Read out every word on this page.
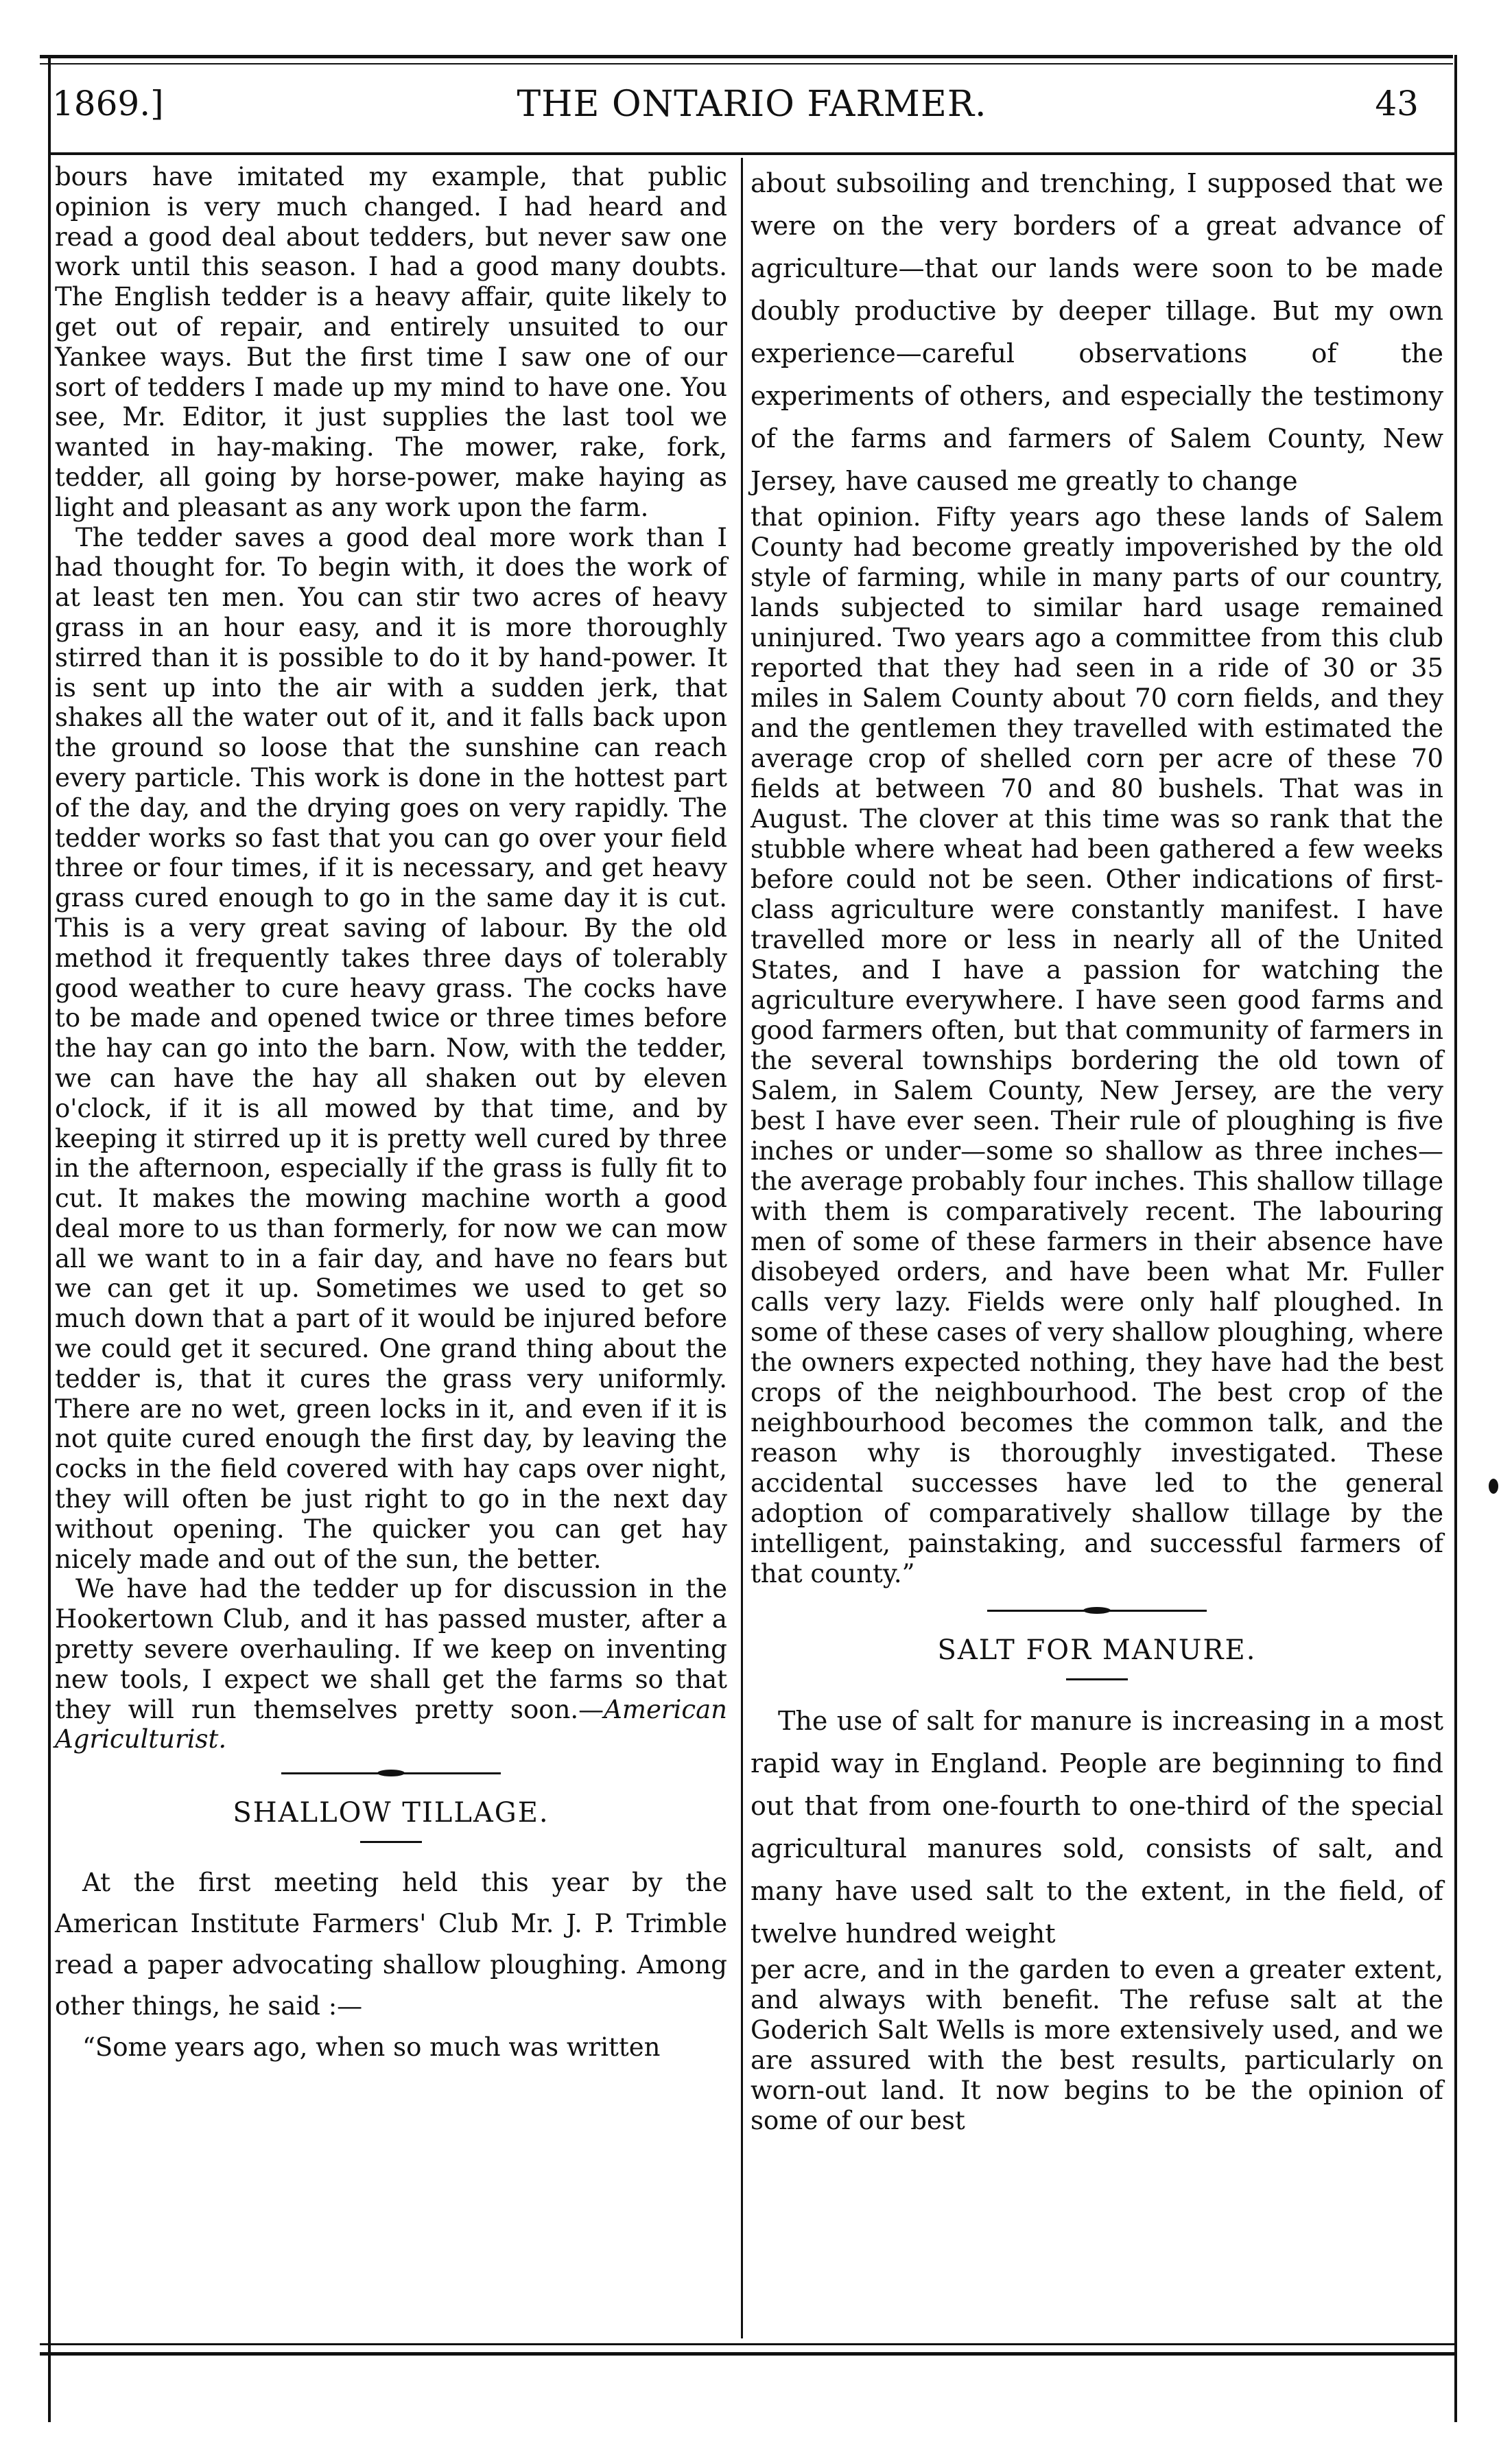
1869.]	THE ONTARIO FARMER.	43

bours have imitated my example, that public opinion is very much changed. I had heard and read a good deal about tedders, but never saw one work until this season. I had a good many doubts. The English tedder is a heavy affair, quite likely to get out of repair, and entirely unsuited to our Yankee ways. But the first time I saw one of our sort of tedders I made up my mind to have one. You see, Mr. Editor, it just supplies the last tool we wanted in hay-making. The mower, rake, fork, tedder, all going by horse-power, make haying as light and pleasant as any work upon the farm.

The tedder saves a good deal more work than I had thought for. To begin with, it does the work of at least ten men. You can stir two acres of heavy grass in an hour easy, and it is more thoroughly stirred than it is possible to do it by hand-power. It is sent up into the air with a sudden jerk, that shakes all the water out of it, and it falls back upon the ground so loose that the sunshine can reach every particle. This work is done in the hottest part of the day, and the drying goes on very rapidly. The tedder works so fast that you can go over your field three or four times, if it is necessary, and get heavy grass cured enough to go in the same day it is cut. This is a very great saving of labour. By the old method it frequently takes three days of tolerably good weather to cure heavy grass. The cocks have to be made and opened twice or three times before the hay can go into the barn. Now, with the tedder, we can have the hay all shaken out by eleven o'clock, if it is all mowed by that time, and by keeping it stirred up it is pretty well cured by three in the afternoon, especially if the grass is fully fit to cut. It makes the mowing machine worth a good deal more to us than formerly, for now we can mow all we want to in a fair day, and have no fears but we can get it up. Sometimes we used to get so much down that a part of it would be injured before we could get it secured. One grand thing about the tedder is, that it cures the grass very uniformly. There are no wet, green locks in it, and even if it is not quite cured enough the first day, by leaving the cocks in the field covered with hay caps over night, they will often be just right to go in the next day without opening. The quicker you can get hay nicely made and out of the sun, the better.

We have had the tedder up for discussion in the Hookertown Club, and it has passed muster, after a pretty severe overhauling. If we keep on inventing new tools, I expect we shall get the farms so that they will run themselves pretty soon.—American Agriculturist.

SHALLOW TILLAGE.

At the first meeting held this year by the American Institute Farmers' Club Mr. J. P. Trimble read a paper advocating shallow ploughing. Among other things, he said :—

“Some years ago, when so much was written

about subsoiling and trenching, I supposed that we were on the very borders of a great advance of agriculture—that our lands were soon to be made doubly productive by deeper tillage. But my own experience—careful observations of the experiments of others, and especially the testimony of the farms and farmers of Salem County, New Jersey, have caused me greatly to change

that opinion. Fifty years ago these lands of Salem County had become greatly impoverished by the old style of farming, while in many parts of our country, lands subjected to similar hard usage remained uninjured. Two years ago a committee from this club reported that they had seen in a ride of 30 or 35 miles in Salem County about 70 corn fields, and they and the gentlemen they travelled with estimated the average crop of shelled corn per acre of these 70 fields at between 70 and 80 bushels. That was in August. The clover at this time was so rank that the stubble where wheat had been gathered a few weeks before could not be seen. Other indications of first-class agriculture were constantly manifest. I have travelled more or less in nearly all of the United States, and I have a passion for watching the agriculture everywhere. I have seen good farms and good farmers often, but that community of farmers in the several townships bordering the old town of Salem, in Salem County, New Jersey, are the very best I have ever seen. Their rule of ploughing is five inches or under—some so shallow as three inches—the average probably four inches. This shallow tillage with them is comparatively recent. The labouring men of some of these farmers in their absence have disobeyed orders, and have been what Mr. Fuller calls very lazy. Fields were only half ploughed. In some of these cases of very shallow ploughing, where the owners expected nothing, they have had the best crops of the neighbourhood. The best crop of the neighbourhood becomes the common talk, and the reason why is thoroughly investigated. These accidental successes have led to the general adoption of comparatively shallow tillage by the intelligent, painstaking, and successful farmers of that county.”

SALT FOR MANURE.

The use of salt for manure is increasing in a most rapid way in England. People are beginning to find out that from one-fourth to one-third of the special agricultural manures sold, consists of salt, and many have used salt to the extent, in the field, of twelve hundred weight

per acre, and in the garden to even a greater extent, and always with benefit. The refuse salt at the Goderich Salt Wells is more extensively used, and we are assured with the best results, particularly on worn-out land. It now begins to be the opinion of some of our best
